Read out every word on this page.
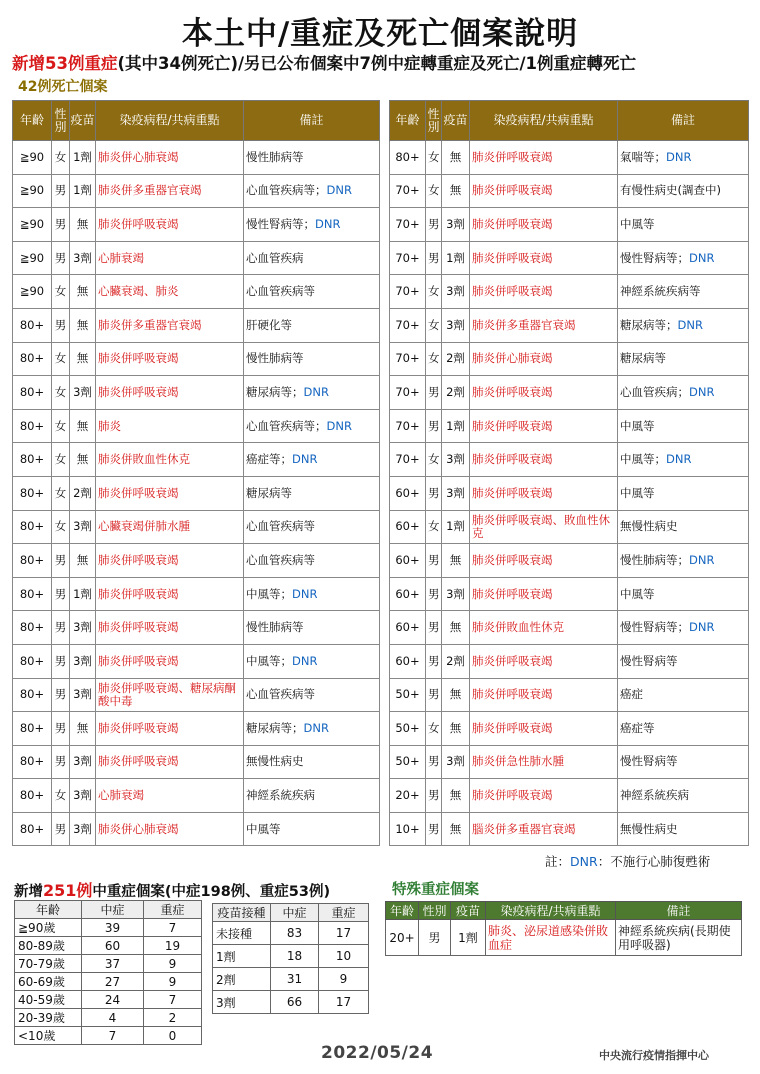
本土中/重症及死亡個案說明
新增53例重症(其中34例死亡)/另已公布個案中7例中症轉重症及死亡/1例重症轉死亡
42例死亡個案
年齡	性別	疫苗	染疫病程/共病重點	備註
≧90	女	1劑	肺炎併心肺衰竭	慢性肺病等
≧90	男	1劑	肺炎併多重器官衰竭	心血管疾病等；DNR
≧90	男	無	肺炎併呼吸衰竭	慢性腎病等；DNR
≧90	男	3劑	心肺衰竭	心血管疾病
≧90	女	無	心臟衰竭、肺炎	心血管疾病等
80+	男	無	肺炎併多重器官衰竭	肝硬化等
80+	女	無	肺炎併呼吸衰竭	慢性肺病等
80+	女	3劑	肺炎併呼吸衰竭	糖尿病等；DNR
80+	女	無	肺炎	心血管疾病等；DNR
80+	女	無	肺炎併敗血性休克	癌症等；DNR
80+	女	2劑	肺炎併呼吸衰竭	糖尿病等
80+	女	3劑	心臟衰竭併肺水腫	心血管疾病等
80+	男	無	肺炎併呼吸衰竭	心血管疾病等
80+	男	1劑	肺炎併呼吸衰竭	中風等；DNR
80+	男	3劑	肺炎併呼吸衰竭	慢性肺病等
80+	男	3劑	肺炎併呼吸衰竭	中風等；DNR
80+	男	3劑	肺炎併呼吸衰竭、糖尿病酮酸中毒	心血管疾病等
80+	男	無	肺炎併呼吸衰竭	糖尿病等；DNR
80+	男	3劑	肺炎併呼吸衰竭	無慢性病史
80+	女	3劑	心肺衰竭	神經系統疾病
80+	男	3劑	肺炎併心肺衰竭	中風等
年齡	性別	疫苗	染疫病程/共病重點	備註
80+	女	無	肺炎併呼吸衰竭	氣喘等；DNR
70+	女	無	肺炎併呼吸衰竭	有慢性病史(調查中)
70+	男	3劑	肺炎併呼吸衰竭	中風等
70+	男	1劑	肺炎併呼吸衰竭	慢性腎病等；DNR
70+	女	3劑	肺炎併呼吸衰竭	神經系統疾病等
70+	女	3劑	肺炎併多重器官衰竭	糖尿病等；DNR
70+	女	2劑	肺炎併心肺衰竭	糖尿病等
70+	男	2劑	肺炎併呼吸衰竭	心血管疾病；DNR
70+	男	1劑	肺炎併呼吸衰竭	中風等
70+	女	3劑	肺炎併呼吸衰竭	中風等；DNR
60+	男	3劑	肺炎併呼吸衰竭	中風等
60+	女	1劑	肺炎併呼吸衰竭、敗血性休克	無慢性病史
60+	男	無	肺炎併呼吸衰竭	慢性肺病等；DNR
60+	男	3劑	肺炎併呼吸衰竭	中風等
60+	男	無	肺炎併敗血性休克	慢性腎病等；DNR
60+	男	2劑	肺炎併呼吸衰竭	慢性腎病等
50+	男	無	肺炎併呼吸衰竭	癌症
50+	女	無	肺炎併呼吸衰竭	癌症等
50+	男	3劑	肺炎併急性肺水腫	慢性腎病等
20+	男	無	肺炎併呼吸衰竭	神經系統疾病
10+	男	無	腦炎併多重器官衰竭	無慢性病史
註：DNR：不施行心肺復甦術
新增251例中重症個案(中症198例、重症53例)	特殊重症個案
年齡	中症	重症
≧90歲	39	7
80-89歲	60	19
70-79歲	37	9
60-69歲	27	9
40-59歲	24	7
20-39歲	4	2
<10歲	7	0
疫苗接種	中症	重症
未接種	83	17
1劑	18	10
2劑	31	9
3劑	66	17
年齡	性別	疫苗	染疫病程/共病重點	備註
20+	男	1劑	肺炎、泌尿道感染併敗血症	神經系統疾病(長期使用呼吸器)
2022/05/24	中央流行疫情指揮中心
